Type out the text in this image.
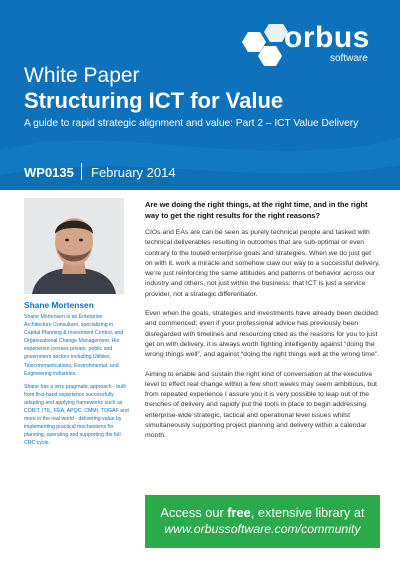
orbus
software
White Paper
Structuring ICT for Value
A guide to rapid strategic alignment and value: Part 2 – ICT Value Delivery
WP0135 February 2014

Shane Mortensen

Shane Mortensen is an Enterprise Architecture Consultant, specializing in Capital Planning & Investment Control, and Organizational Change Management. His experience crosses private, public and government sectors including Utilities, Telecommunications, Environmental, and Engineering industries.

Shane has a very pragmatic approach - built from first-hand experience successfully adapting and applying frameworks such as COBIT, ITIL, FEA, APQC, CMMI, TOGAF and more in the real world - delivering value by implementing practical mechanisms for planning, operating and supporting the full CRC cycle.

Are we doing the right things, at the right time, and in the right way to get the right results for the right reasons?

CIOs and EAs are can be seen as purely technical people and tasked with technical deliverables resulting in outcomes that are sub-optimal or even contrary to the touted enterprise goals and strategies. When we do just get on with it, work a miracle and somehow claw our way to a successful delivery, we’re just reinforcing the same attitudes and patterns of behavior across our industry and others, not just within the business: that ICT is just a service provider, not a strategic differentiator.

Even when the goals, strategies and investments have already been decided and commenced; even if your professional advice has previously been disregarded with timelines and resourcing cited as the reasons for you to just get on with delivery, it is always worth fighting intelligently against “doing the wrong things well”, and against “doing the right things well at the wrong time”.

Aiming to enable and sustain the right kind of conversation at the executive level to effect real change within a few short weeks may seem ambitious, but from repeated experience I assure you it is very possible to leap out of the trenches of delivery and rapidly put the tools in place to begin addressing enterprise-wide strategic, tactical and operational level issues whilst simultaneously supporting project planning and delivery within a calendar month.

Access our free, extensive library at
www.orbussoftware.com/community
